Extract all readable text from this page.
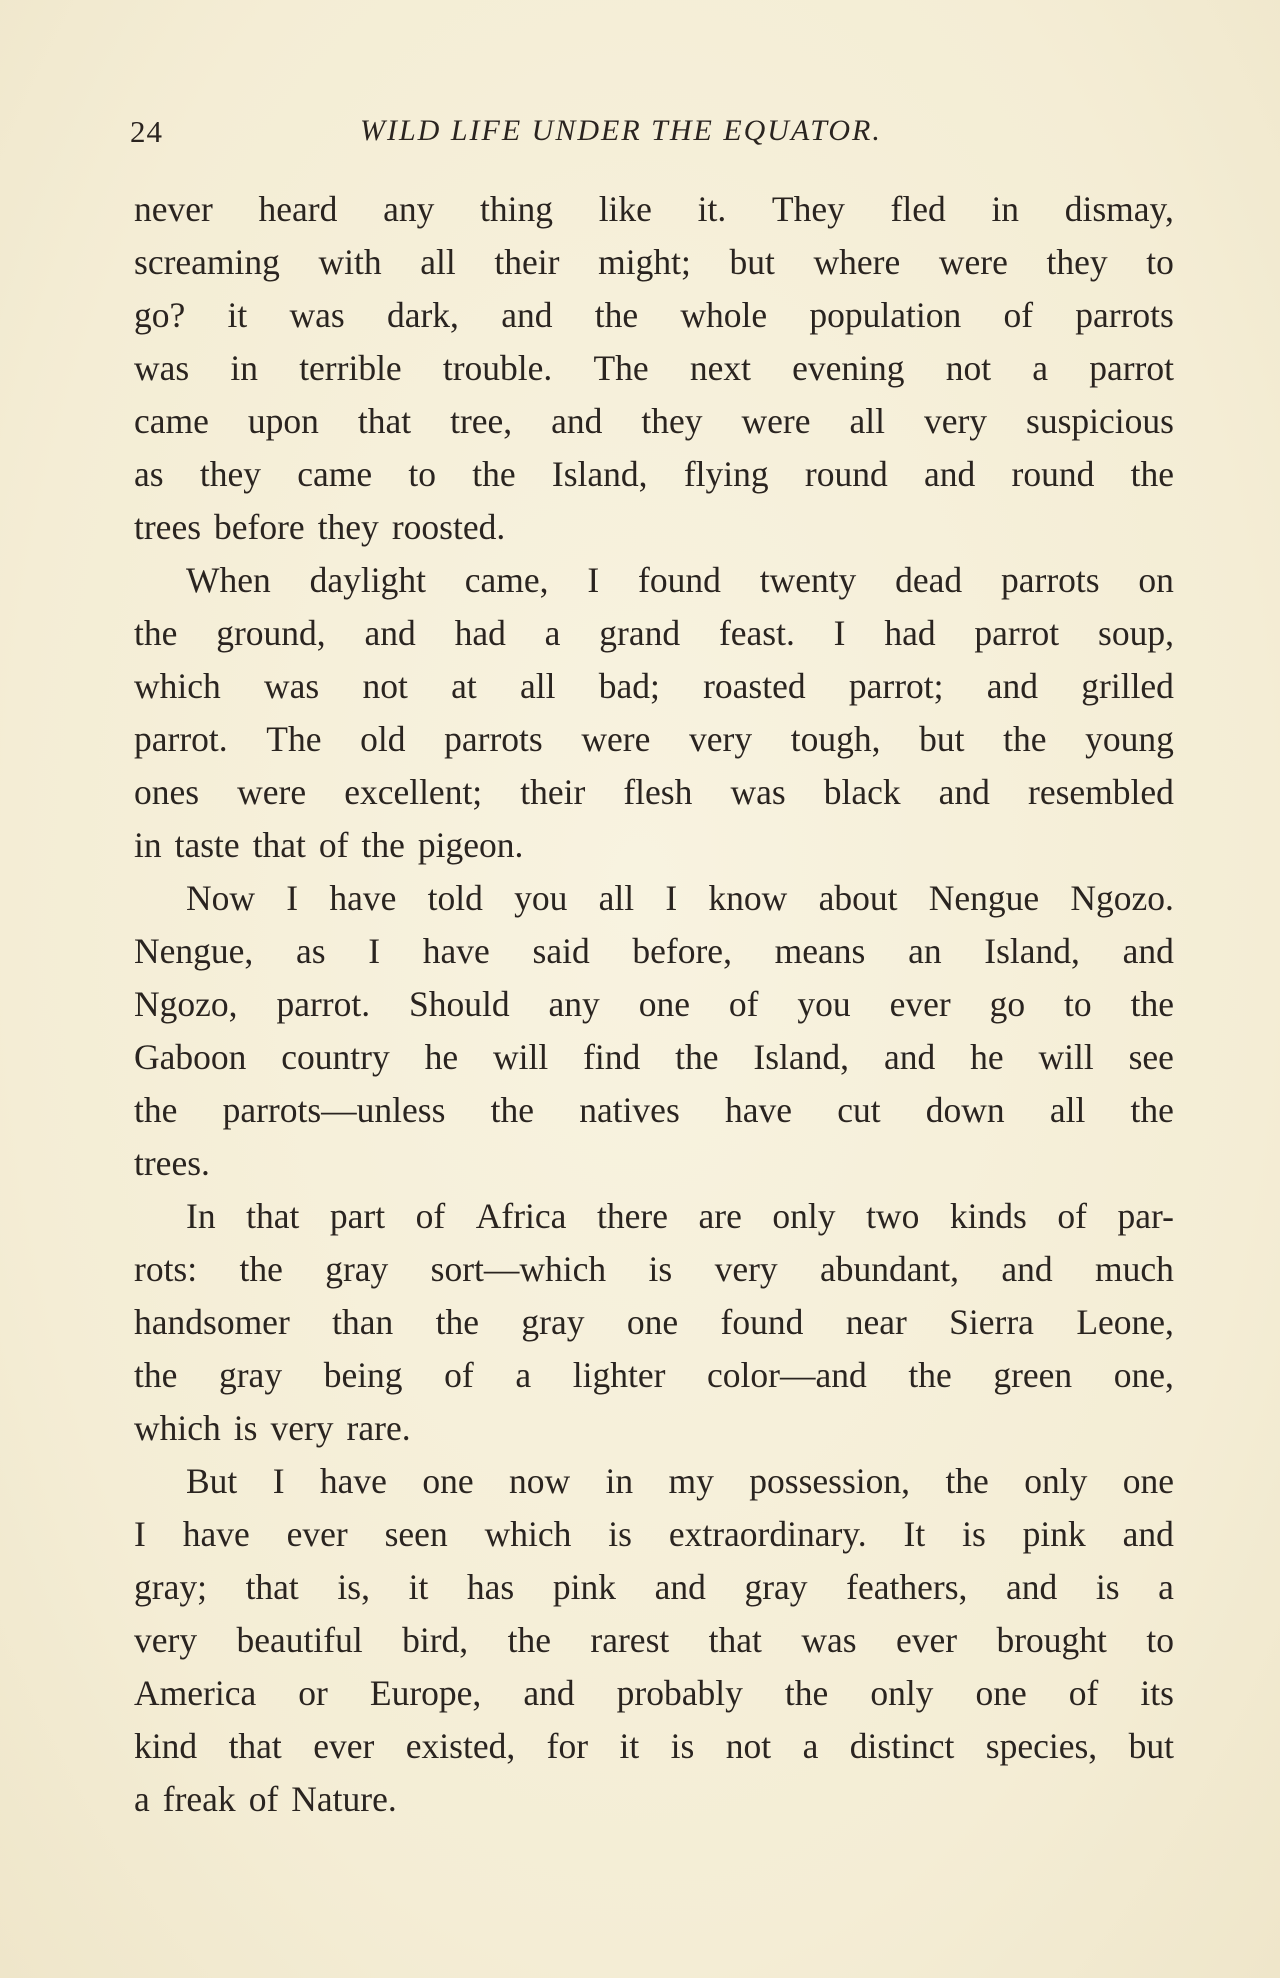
24	WILD LIFE UNDER THE EQUATOR.
never heard any thing like it. They fled in dismay,
screaming with all their might; but where were they to
go? it was dark, and the whole population of parrots
was in terrible trouble. The next evening not a parrot
came upon that tree, and they were all very suspicious
as they came to the Island, flying round and round the
trees before they roosted.
When daylight came, I found twenty dead parrots on
the ground, and had a grand feast. I had parrot soup,
which was not at all bad; roasted parrot; and grilled
parrot. The old parrots were very tough, but the young
ones were excellent; their flesh was black and resembled
in taste that of the pigeon.
Now I have told you all I know about Nengue Ngozo.
Nengue, as I have said before, means an Island, and
Ngozo, parrot. Should any one of you ever go to the
Gaboon country he will find the Island, and he will see
the parrots—unless the natives have cut down all the
trees.
In that part of Africa there are only two kinds of par-
rots: the gray sort—which is very abundant, and much
handsomer than the gray one found near Sierra Leone,
the gray being of a lighter color—and the green one,
which is very rare.
But I have one now in my possession, the only one
I have ever seen which is extraordinary. It is pink and
gray; that is, it has pink and gray feathers, and is a
very beautiful bird, the rarest that was ever brought to
America or Europe, and probably the only one of its
kind that ever existed, for it is not a distinct species, but
a freak of Nature.
